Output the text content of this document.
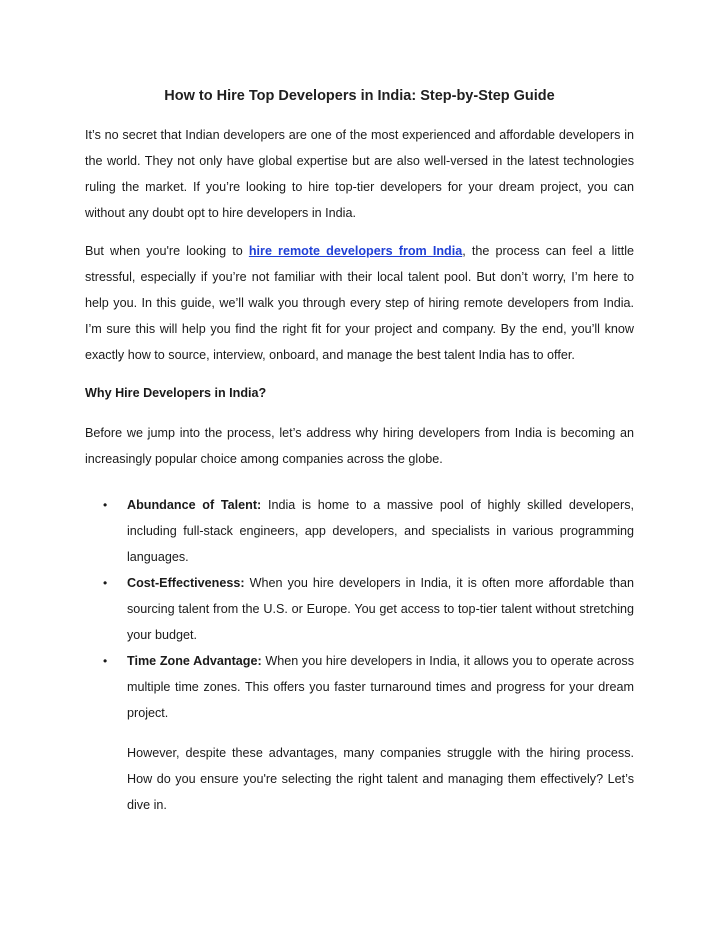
How to Hire Top Developers in India: Step-by-Step Guide

It’s no secret that Indian developers are one of the most experienced and affordable developers in the world. They not only have global expertise but are also well-versed in the latest technologies ruling the market. If you’re looking to hire top-tier developers for your dream project, you can without any doubt opt to hire developers in India.

But when you're looking to hire remote developers from India, the process can feel a little stressful, especially if you’re not familiar with their local talent pool. But don’t worry, I’m here to help you. In this guide, we’ll walk you through every step of hiring remote developers from India. I’m sure this will help you find the right fit for your project and company. By the end, you’ll know exactly how to source, interview, onboard, and manage the best talent India has to offer.

Why Hire Developers in India?

Before we jump into the process, let’s address why hiring developers from India is becoming an increasingly popular choice among companies across the globe.

• Abundance of Talent: India is home to a massive pool of highly skilled developers, including full-stack engineers, app developers, and specialists in various programming languages.
• Cost-Effectiveness: When you hire developers in India, it is often more affordable than sourcing talent from the U.S. or Europe. You get access to top-tier talent without stretching your budget.
• Time Zone Advantage: When you hire developers in India, it allows you to operate across multiple time zones. This offers you faster turnaround times and progress for your dream project.

However, despite these advantages, many companies struggle with the hiring process. How do you ensure you're selecting the right talent and managing them effectively? Let’s dive in.
